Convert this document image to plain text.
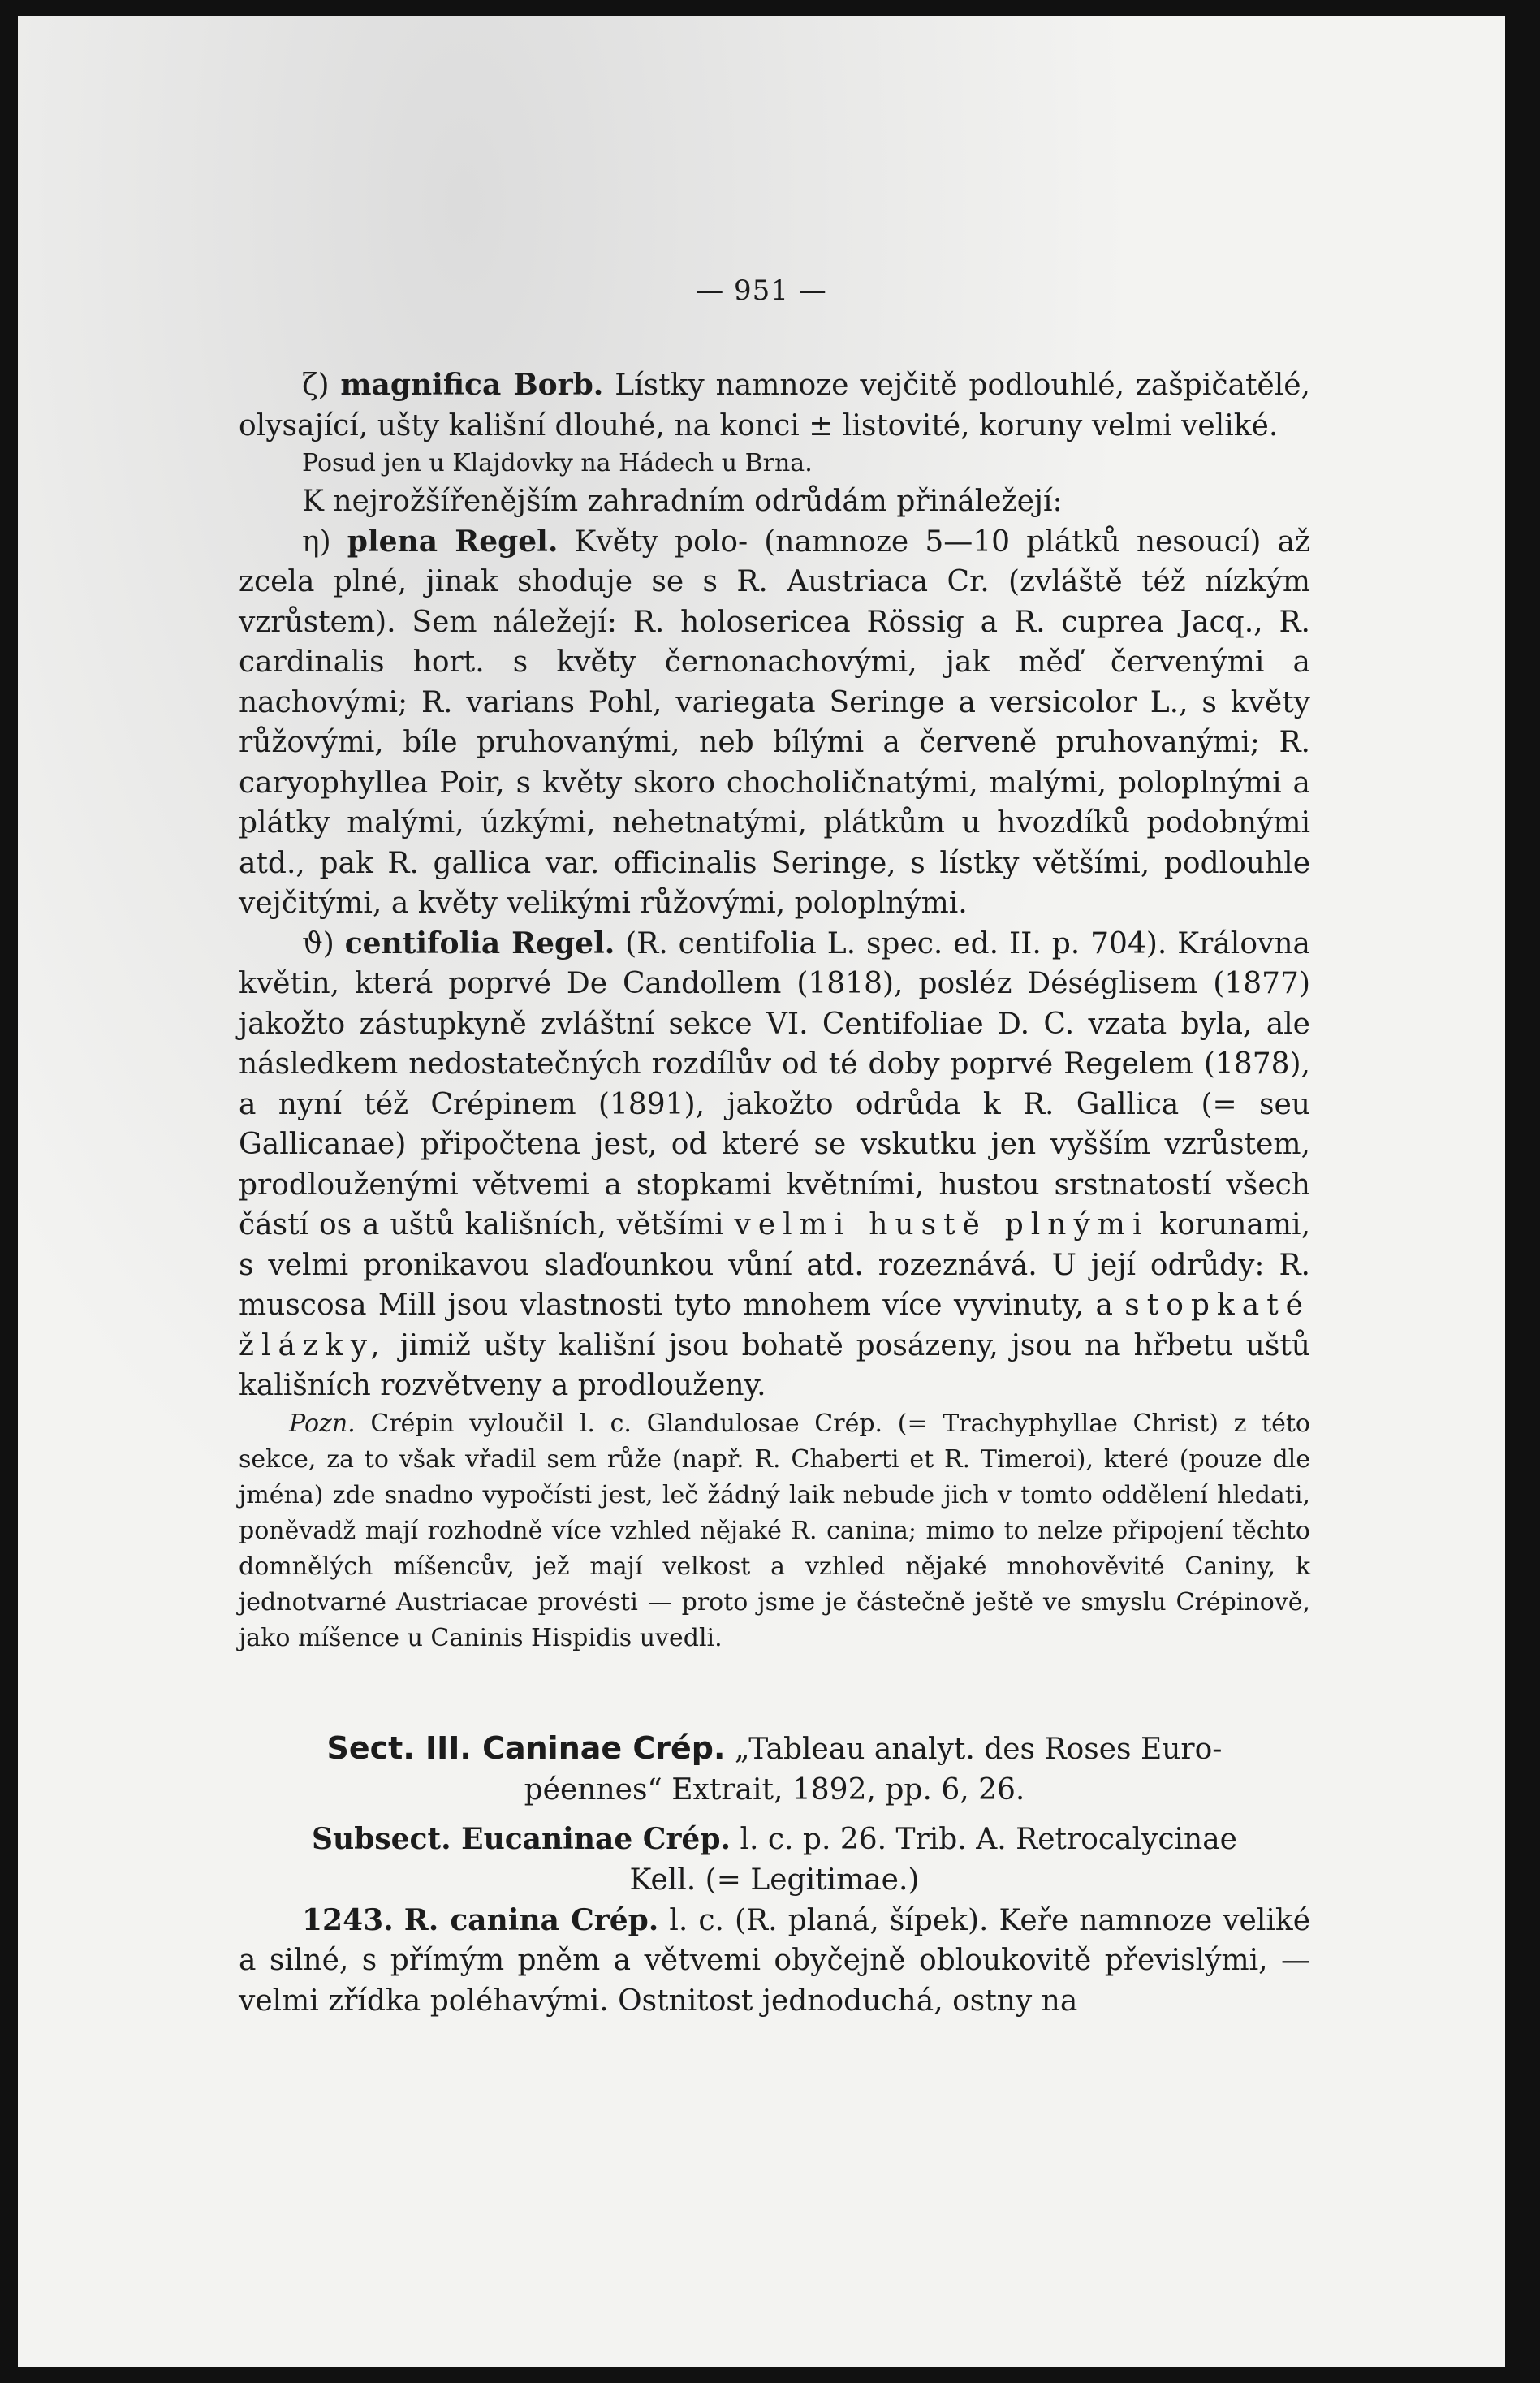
— 951 —

ζ) magnifica Borb. Lístky namnoze vejčitě podlouhlé, zašpičatělé, olysající, ušty kališní dlouhé, na konci ± listovité, koruny velmi veliké.

Posud jen u Klajdovky na Hádech u Brna.

K nejrožšířenějším zahradním odrůdám přináležejí:

η) plena Regel. Květy polo- (namnoze 5—10 plátků nesoucí) až zcela plné, jinak shoduje se s R. Austriaca Cr. (zvláště též nízkým vzrůstem). Sem náležejí: R. holosericea Rössig a R. cuprea Jacq., R. cardinalis hort. s květy černonachovými, jak měď červenými a nachovými; R. varians Pohl, variegata Seringe a versicolor L., s květy růžovými, bíle pruhovanými, neb bílými a červeně pruhovanými; R. caryophyllea Poir, s květy skoro chocholičnatými, malými, poloplnými a plátky malými, úzkými, nehetnatými, plátkům u hvozdíků podobnými atd., pak R. gallica var. officinalis Seringe, s lístky většími, podlouhle vejčitými, a květy velikými růžovými, poloplnými.

ϑ) centifolia Regel. (R. centifolia L. spec. ed. II. p. 704). Královna květin, která poprvé De Candollem (1818), posléz Déséglisem (1877) jakožto zástupkyně zvláštní sekce VI. Centifoliae D. C. vzata byla, ale následkem nedostatečných rozdílův od té doby poprvé Regelem (1878), a nyní též Crépinem (1891), jakožto odrůda k R. Gallica (= seu Gallicanae) připočtena jest, od které se vskutku jen vyšším vzrůstem, prodlouženými větvemi a stopkami květními, hustou srstnatostí všech částí os a uštů kališních, většími velmi hustě plnými korunami, s velmi pronikavou slaďounkou vůní atd. rozeznává. U její odrůdy: R. muscosa Mill jsou vlastnosti tyto mnohem více vyvinuty, a stopkaté žlázky, jimiž ušty kališní jsou bohatě posázeny, jsou na hřbetu uštů kališních rozvětveny a prodlouženy.

Pozn. Crépin vyloučil l. c. Glandulosae Crép. (= Trachyphyllae Christ) z této sekce, za to však vřadil sem růže (např. R. Chaberti et R. Timeroi), které (pouze dle jména) zde snadno vypočísti jest, leč žádný laik nebude jich v tomto oddělení hledati, poněvadž mají rozhodně více vzhled nějaké R. canina; mimo to nelze připojení těchto domnělých míšencův, jež mají velkost a vzhled nějaké mnohověvité Caniny, k jednotvarné Austriacae provésti — proto jsme je částečně ještě ve smyslu Crépinově, jako míšence u Caninis Hispidis uvedli.

Sect. III. Caninae Crép. „Tableau analyt. des Roses Euro-
péennes“ Extrait, 1892, pp. 6, 26.
Subsect. Eucaninae Crép. l. c. p. 26. Trib. A. Retrocalycinae
Kell. (= Legitimae.)

1243. R. canina Crép. l. c. (R. planá, šípek). Keře namnoze veliké a silné, s přímým pněm a větvemi obyčejně obloukovitě převislými, — velmi zřídka poléhavými. Ostnitost jednoduchá, ostny na
